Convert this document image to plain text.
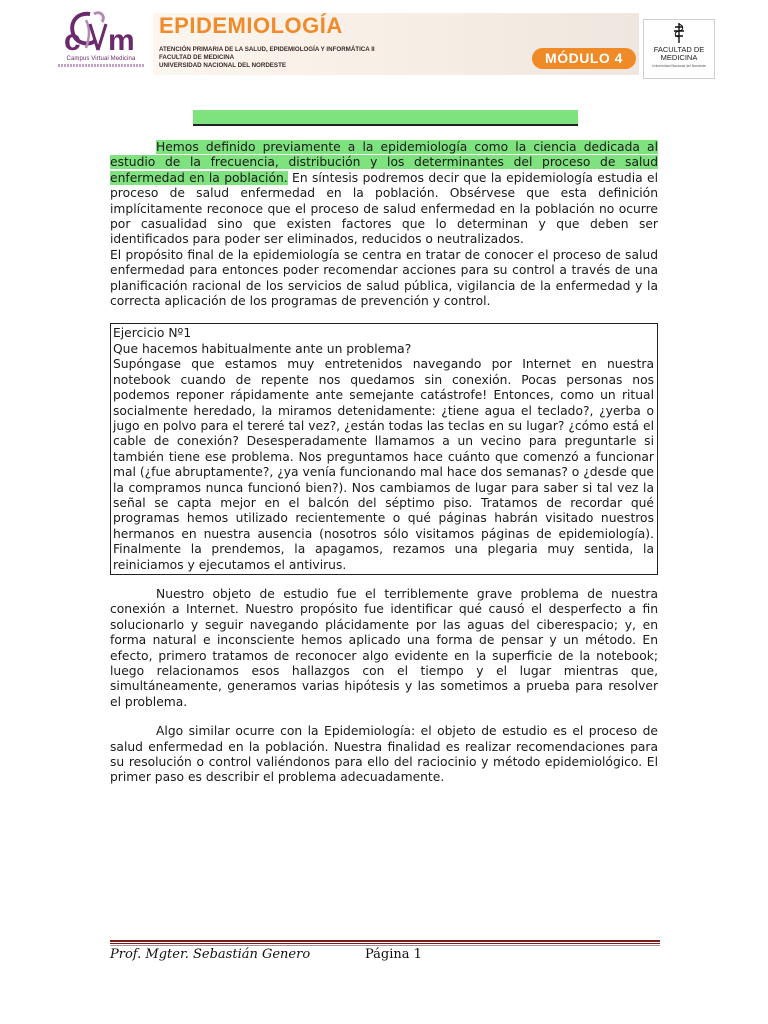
c m
Campus Virtual Medicina
EPIDEMIOLOGÍA
ATENCIÓN PRIMARIA DE LA SALUD, EPIDEMIOLOGÍA Y INFORMÁTICA II
FACULTAD DE MEDICINA
UNIVERSIDAD NACIONAL DEL NORDESTE	MÓDULO 4
FACULTAD DE MEDICINA
Universidad Nacional del Nordeste

Hemos definido previamente a la epidemiología como la ciencia dedicada al estudio de la frecuencia, distribución y los determinantes del proceso de salud enfermedad en la población. En síntesis podremos decir que la epidemiología estudia el proceso de salud enfermedad en la población. Obsérvese que esta definición implícitamente reconoce que el proceso de salud enfermedad en la población no ocurre por casualidad sino que existen factores que lo determinan y que deben ser identificados para poder ser eliminados, reducidos o neutralizados.

El propósito final de la epidemiología se centra en tratar de conocer el proceso de salud enfermedad para entonces poder recomendar acciones para su control a través de una planificación racional de los servicios de salud pública, vigilancia de la enfermedad y la correcta aplicación de los programas de prevención y control.

Ejercicio Nº1

Que hacemos habitualmente ante un problema?

Supóngase que estamos muy entretenidos navegando por Internet en nuestra notebook cuando de repente nos quedamos sin conexión. Pocas personas nos podemos reponer rápidamente ante semejante catástrofe! Entonces, como un ritual socialmente heredado, la miramos detenidamente: ¿tiene agua el teclado?, ¿yerba o jugo en polvo para el tereré tal vez?, ¿están todas las teclas en su lugar? ¿cómo está el cable de conexión? Desesperadamente llamamos a un vecino para preguntarle si también tiene ese problema. Nos preguntamos hace cuánto que comenzó a funcionar mal (¿fue abruptamente?, ¿ya venía funcionando mal hace dos semanas? o ¿desde que la compramos nunca funcionó bien?). Nos cambiamos de lugar para saber si tal vez la señal se capta mejor en el balcón del séptimo piso. Tratamos de recordar qué programas hemos utilizado recientemente o qué páginas habrán visitado nuestros hermanos en nuestra ausencia (nosotros sólo visitamos páginas de epidemiología). Finalmente la prendemos, la apagamos, rezamos una plegaria muy sentida, la reiniciamos y ejecutamos el antivirus.

Nuestro objeto de estudio fue el terriblemente grave problema de nuestra conexión a Internet. Nuestro propósito fue identificar qué causó el desperfecto a fin solucionarlo y seguir navegando plácidamente por las aguas del ciberespacio; y, en forma natural e inconsciente hemos aplicado una forma de pensar y un método. En efecto, primero tratamos de reconocer algo evidente en la superficie de la notebook; luego relacionamos esos hallazgos con el tiempo y el lugar mientras que, simultáneamente, generamos varias hipótesis y las sometimos a prueba para resolver el problema.

Algo similar ocurre con la Epidemiología: el objeto de estudio es el proceso de salud enfermedad en la población. Nuestra finalidad es realizar recomendaciones para su resolución o control valiéndonos para ello del raciocinio y método epidemiológico. El primer paso es describir el problema adecuadamente.

Prof. Mgter. Sebastián Genero	Página 1
